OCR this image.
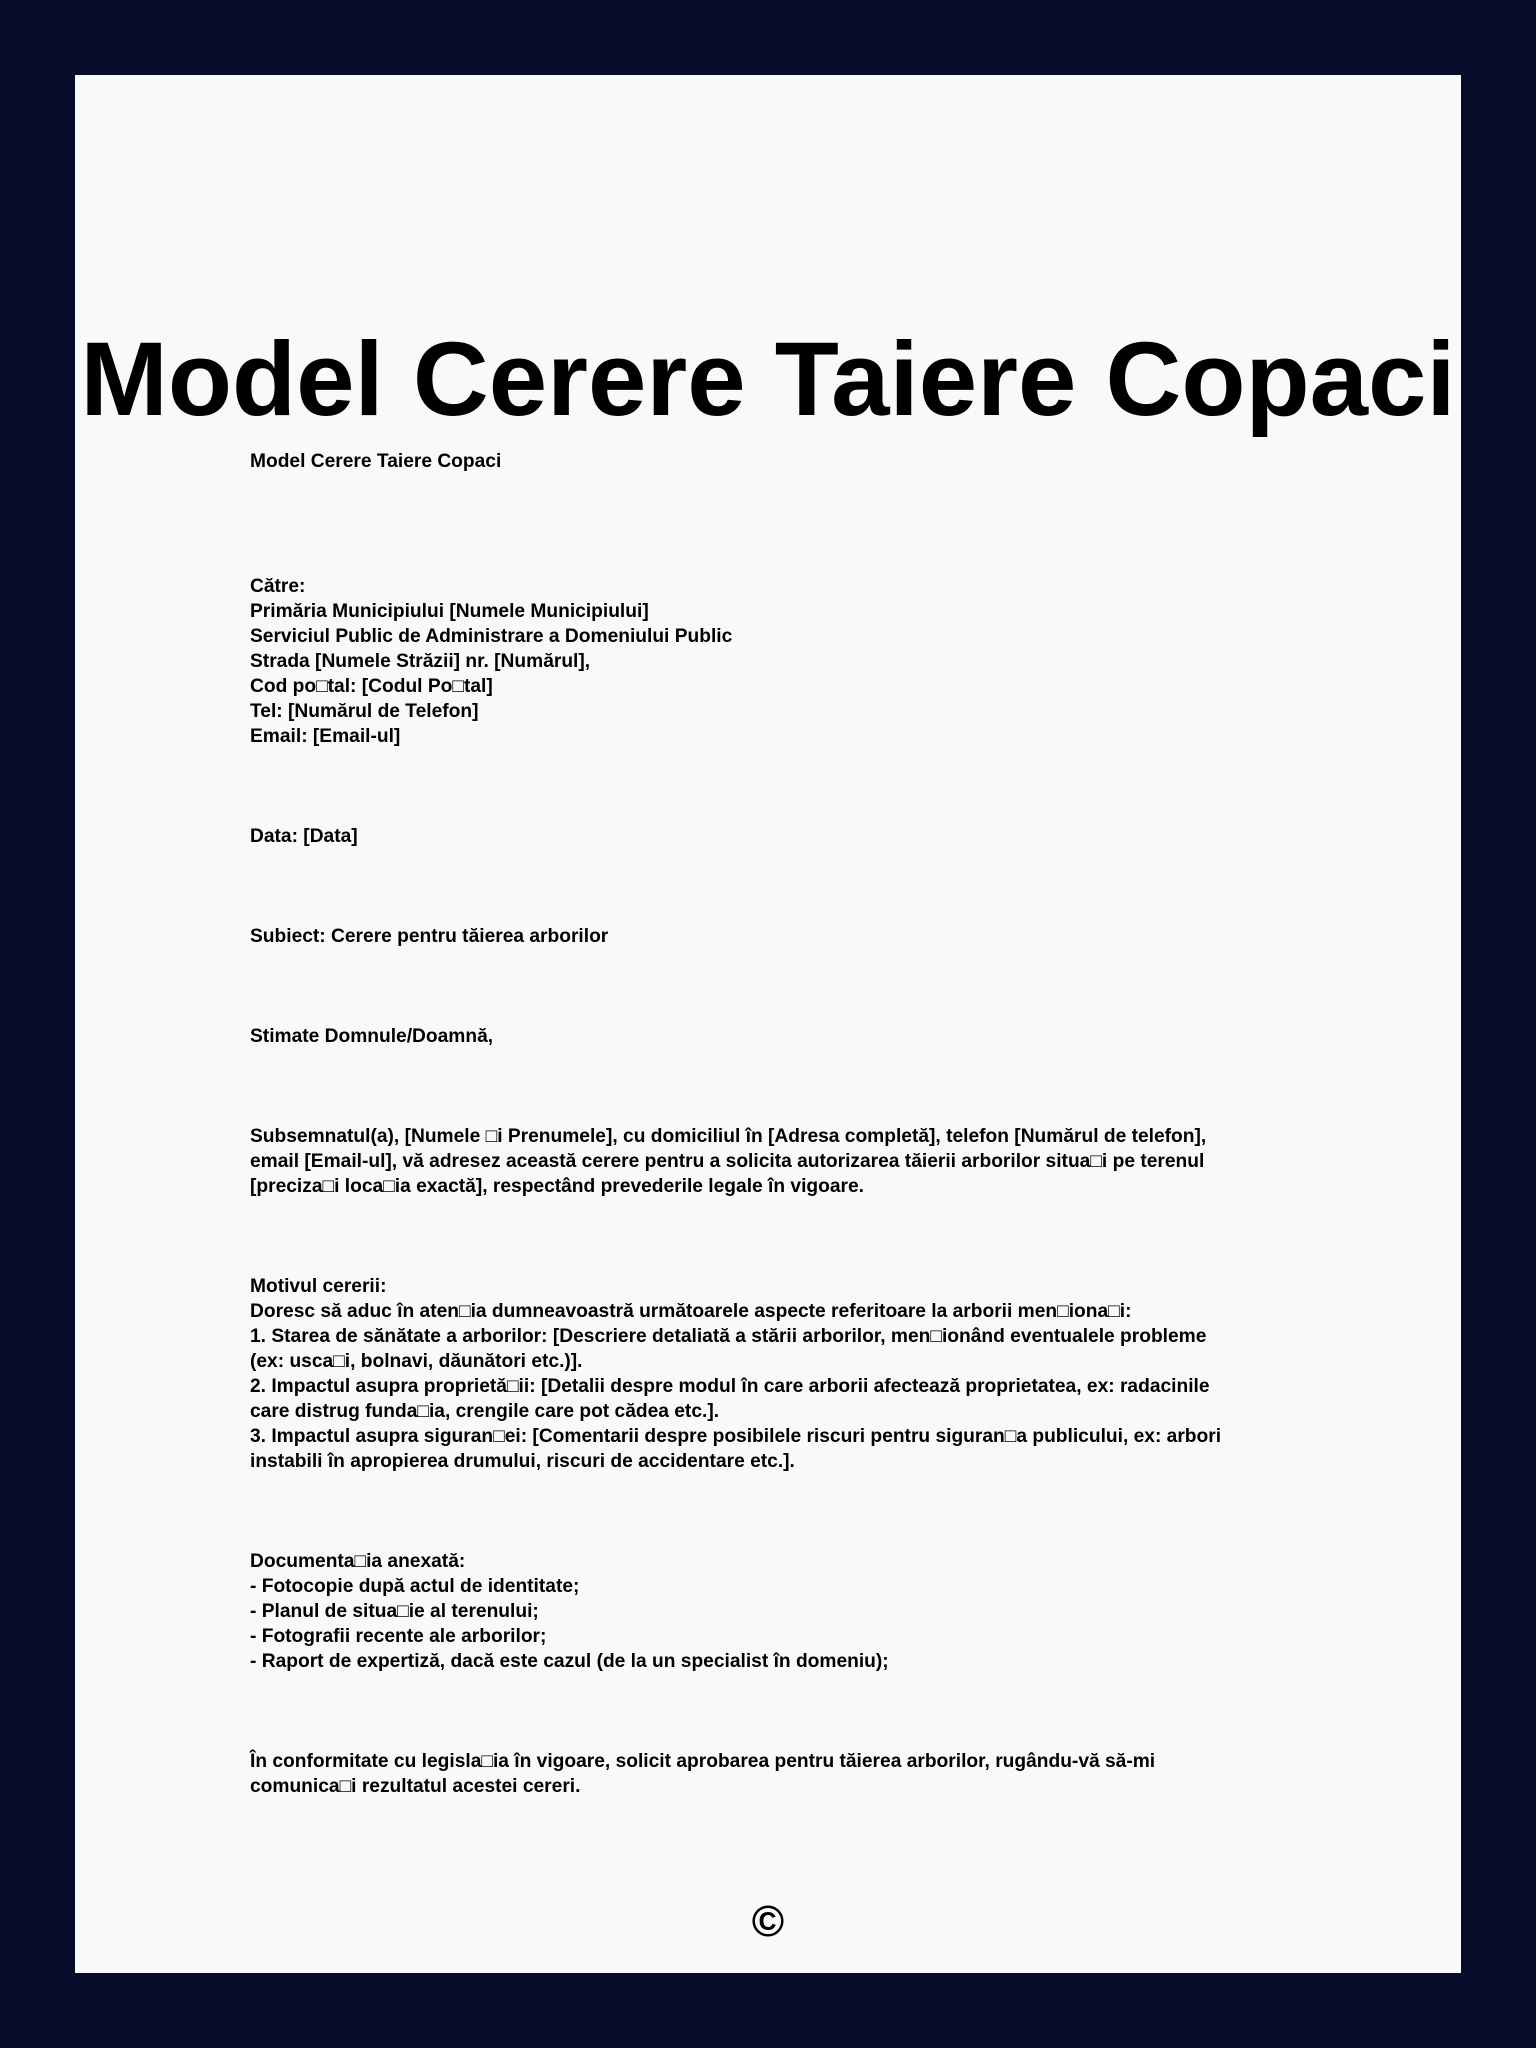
Model Cerere Taiere Copaci

Model Cerere Taiere Copaci

Către:

Primăria Municipiului [Numele Municipiului]

Serviciul Public de Administrare a Domeniului Public

Strada [Numele Străzii] nr. [Numărul],

Cod po□tal: [Codul Po□tal]

Tel: [Numărul de Telefon]

Email: [Email-ul]

Data: [Data]

Subiect: Cerere pentru tăierea arborilor

Stimate Domnule/Doamnă,

Subsemnatul(a), [Numele □i Prenumele], cu domiciliul în [Adresa completă], telefon [Numărul de telefon],

email [Email-ul], vă adresez această cerere pentru a solicita autorizarea tăierii arborilor situa□i pe terenul

[preciza□i loca□ia exactă], respectând prevederile legale în vigoare.

Motivul cererii:

Doresc să aduc în aten□ia dumneavoastră următoarele aspecte referitoare la arborii men□iona□i:

1. Starea de sănătate a arborilor: [Descriere detaliată a stării arborilor, men□ionând eventualele probleme

(ex: usca□i, bolnavi, dăunători etc.)].

2. Impactul asupra proprietă□ii: [Detalii despre modul în care arborii afectează proprietatea, ex: radacinile

care distrug funda□ia, crengile care pot cădea etc.].

3. Impactul asupra siguran□ei: [Comentarii despre posibilele riscuri pentru siguran□a publicului, ex: arbori

instabili în apropierea drumului, riscuri de accidentare etc.].

Documenta□ia anexată:

- Fotocopie după actul de identitate;

- Planul de situa□ie al terenului;

- Fotografii recente ale arborilor;

- Raport de expertiză, dacă este cazul (de la un specialist în domeniu);

În conformitate cu legisla□ia în vigoare, solicit aprobarea pentru tăierea arborilor, rugându-vă să-mi

comunica□i rezultatul acestei cereri.

©
